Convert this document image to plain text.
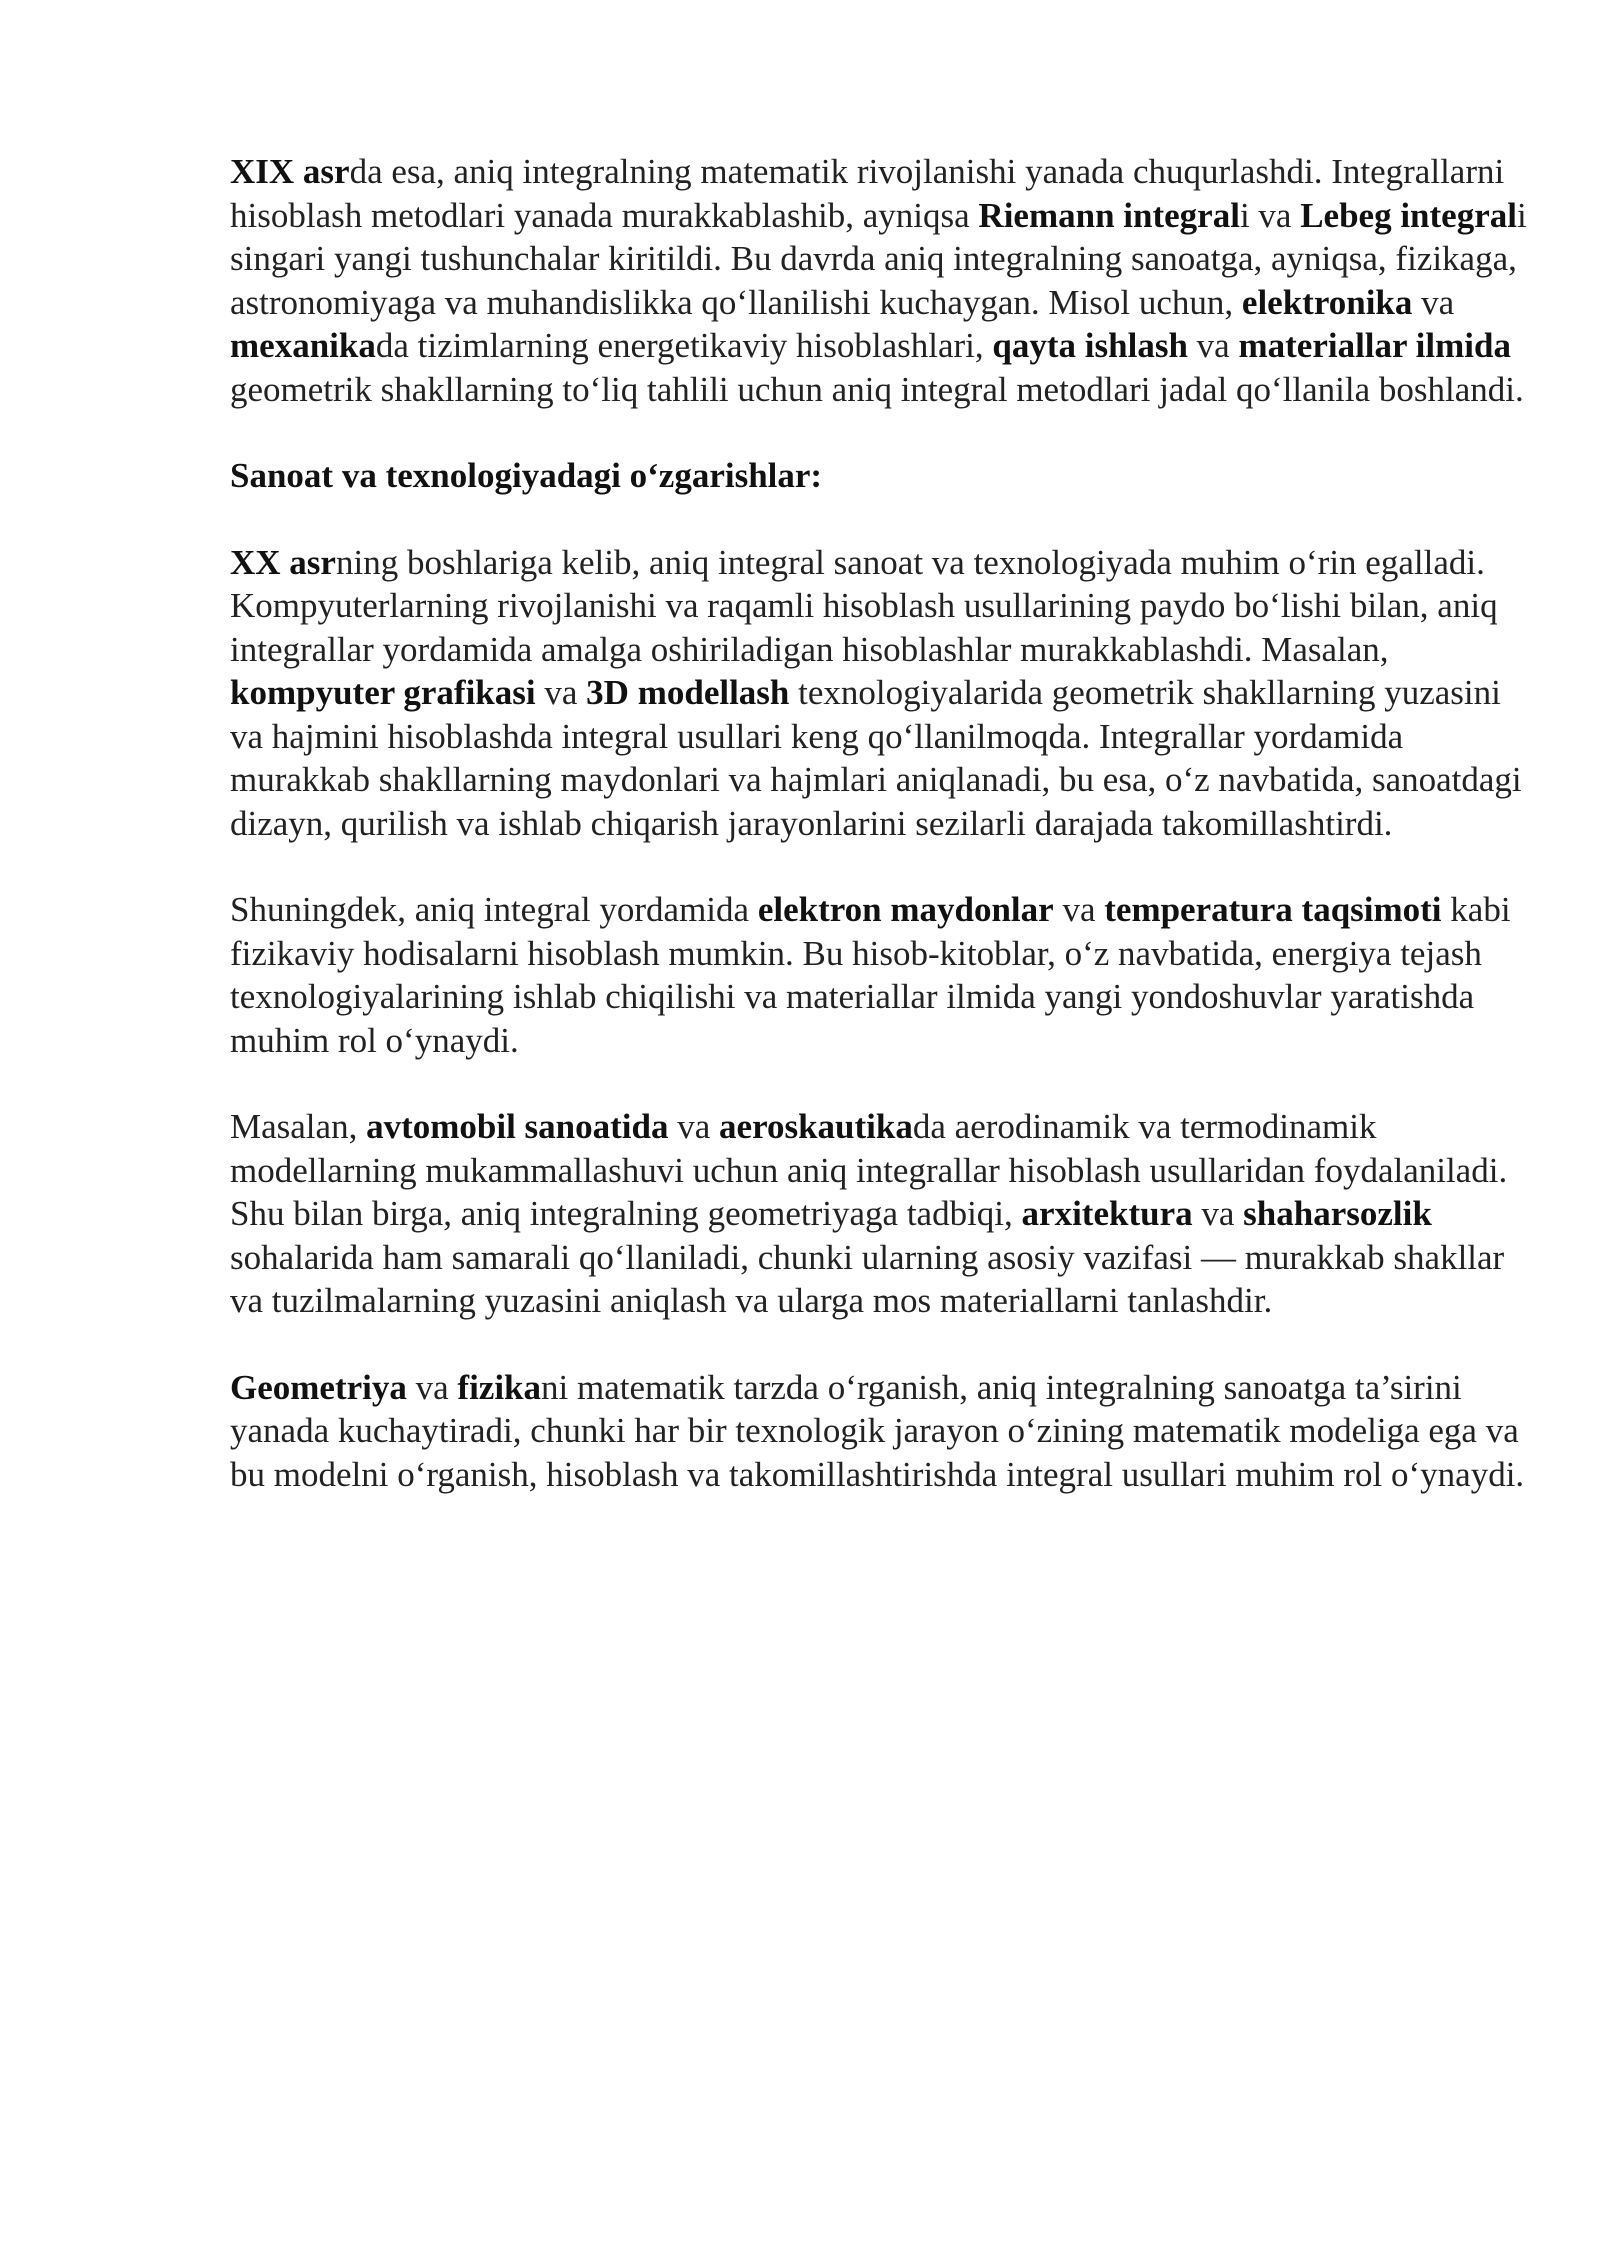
XIX asrda esa, aniq integralning matematik rivojlanishi yanada chuqurlashdi. Integrallarni hisoblash metodlari yanada murakkablashib, ayniqsa Riemann integrali va Lebeg integrali singari yangi tushunchalar kiritildi. Bu davrda aniq integralning sanoatga, ayniqsa, fizikaga, astronomiyaga va muhandislikka qo‘llanilishi kuchaygan. Misol uchun, elektronika va mexanikada tizimlarning energetikaviy hisoblashlari, qayta ishlash va materiallar ilmida geometrik shakllarning to‘liq tahlili uchun aniq integral metodlari jadal qo‘llanila boshlandi.

Sanoat va texnologiyadagi o‘zgarishlar:

XX asrning boshlariga kelib, aniq integral sanoat va texnologiyada muhim o‘rin egalladi. Kompyuterlarning rivojlanishi va raqamli hisoblash usullarining paydo bo‘lishi bilan, aniq integrallar yordamida amalga oshiriladigan hisoblashlar murakkablashdi. Masalan, kompyuter grafikasi va 3D modellash texnologiyalarida geometrik shakllarning yuzasini va hajmini hisoblashda integral usullari keng qo‘llanilmoqda. Integrallar yordamida murakkab shakllarning maydonlari va hajmlari aniqlanadi, bu esa, o‘z navbatida, sanoatdagi dizayn, qurilish va ishlab chiqarish jarayonlarini sezilarli darajada takomillashtirdi.

Shuningdek, aniq integral yordamida elektron maydonlar va temperatura taqsimoti kabi fizikaviy hodisalarni hisoblash mumkin. Bu hisob-kitoblar, o‘z navbatida, energiya tejash texnologiyalarining ishlab chiqilishi va materiallar ilmida yangi yondoshuvlar yaratishda muhim rol o‘ynaydi.

Masalan, avtomobil sanoatida va aeroskautikada aerodinamik va termodinamik modellarning mukammallashuvi uchun aniq integrallar hisoblash usullaridan foydalaniladi. Shu bilan birga, aniq integralning geometriyaga tadbiqi, arxitektura va shaharsozlik sohalarida ham samarali qo‘llaniladi, chunki ularning asosiy vazifasi — murakkab shakllar va tuzilmalarning yuzasini aniqlash va ularga mos materiallarni tanlashdir.

Geometriya va fizikani matematik tarzda o‘rganish, aniq integralning sanoatga ta’sirini yanada kuchaytiradi, chunki har bir texnologik jarayon o‘zining matematik modeliga ega va bu modelni o‘rganish, hisoblash va takomillashtirishda integral usullari muhim rol o‘ynaydi.
